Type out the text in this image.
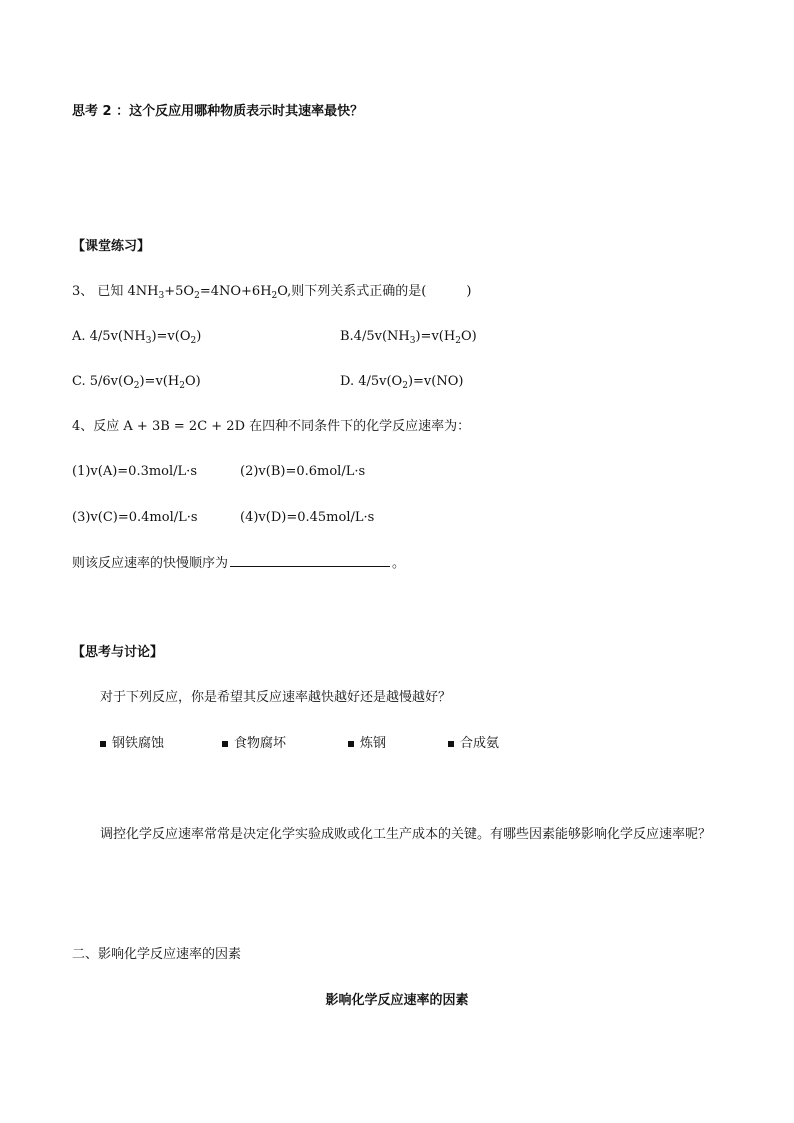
思考 2 ：这个反应用哪种物质表示时其速率最快？
【课堂练习】
3、 已知 $4NH_3+5O_2=4NO+6H_2O$,则下列关系式正确的是(	)
A. $4/5v(NH_3)=v(O_2)$	$B.4/5v(NH_3)=v(H_2O)$
C. $5/6v(O_2)=v(H_2O)$	D. $4/5v(O_2)=v(NO)$
4、反应 A + 3B = 2C + 2D 在四种不同条件下的化学反应速率为：
(1)v(A)=0.3mol/L·s	(2)v(B)=0.6mol/L·s
(3)v(C)=0.4mol/L·s	(4)v(D)=0.45mol/L·s
则该反应速率的快慢顺序为	。
【思考与讨论】
对于下列反应，你是希望其反应速率越快越好还是越慢越好？
钢铁腐蚀	食物腐坏	炼钢	合成氨
调控化学反应速率常常是决定化学实验成败或化工生产成本的关键。有哪些因素能够影响化学反应速率呢？
二、影响化学反应速率的因素
影响化学反应速率的因素
